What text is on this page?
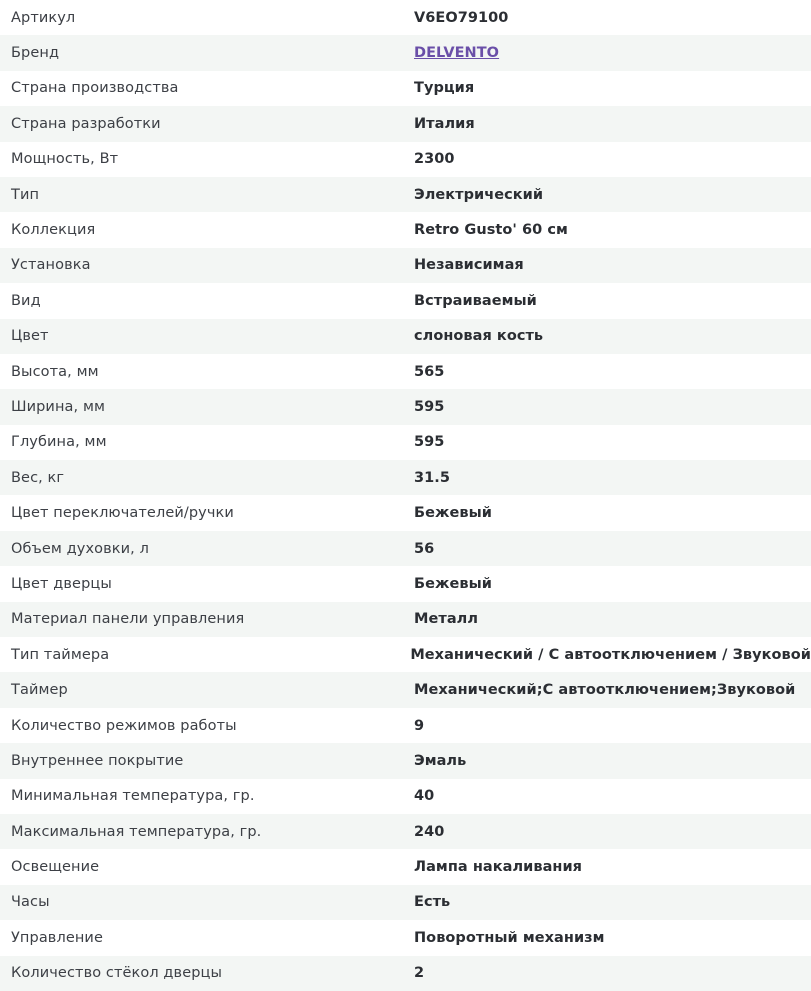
Артикул	V6EO79100
Бренд	DELVENTO
Страна производства	Турция
Страна разработки	Италия
Мощность, Вт	2300
Тип	Электрический
Коллекция	Retro Gusto' 60 см
Установка	Независимая
Вид	Встраиваемый
Цвет	слоновая кость
Высота, мм	565
Ширина, мм	595
Глубина, мм	595
Вес, кг	31.5
Цвет переключателей/ручки	Бежевый
Объем духовки, л	56
Цвет дверцы	Бежевый
Материал панели управления	Металл
Тип таймера	Механический / С автоотключением / Звуковой
Таймер	Механический;С автоотключением;Звуковой
Количество режимов работы	9
Внутреннее покрытие	Эмаль
Минимальная температура, гр.	40
Максимальная температура, гр.	240
Освещение	Лампа накаливания
Часы	Есть
Управление	Поворотный механизм
Количество стёкол дверцы	2
